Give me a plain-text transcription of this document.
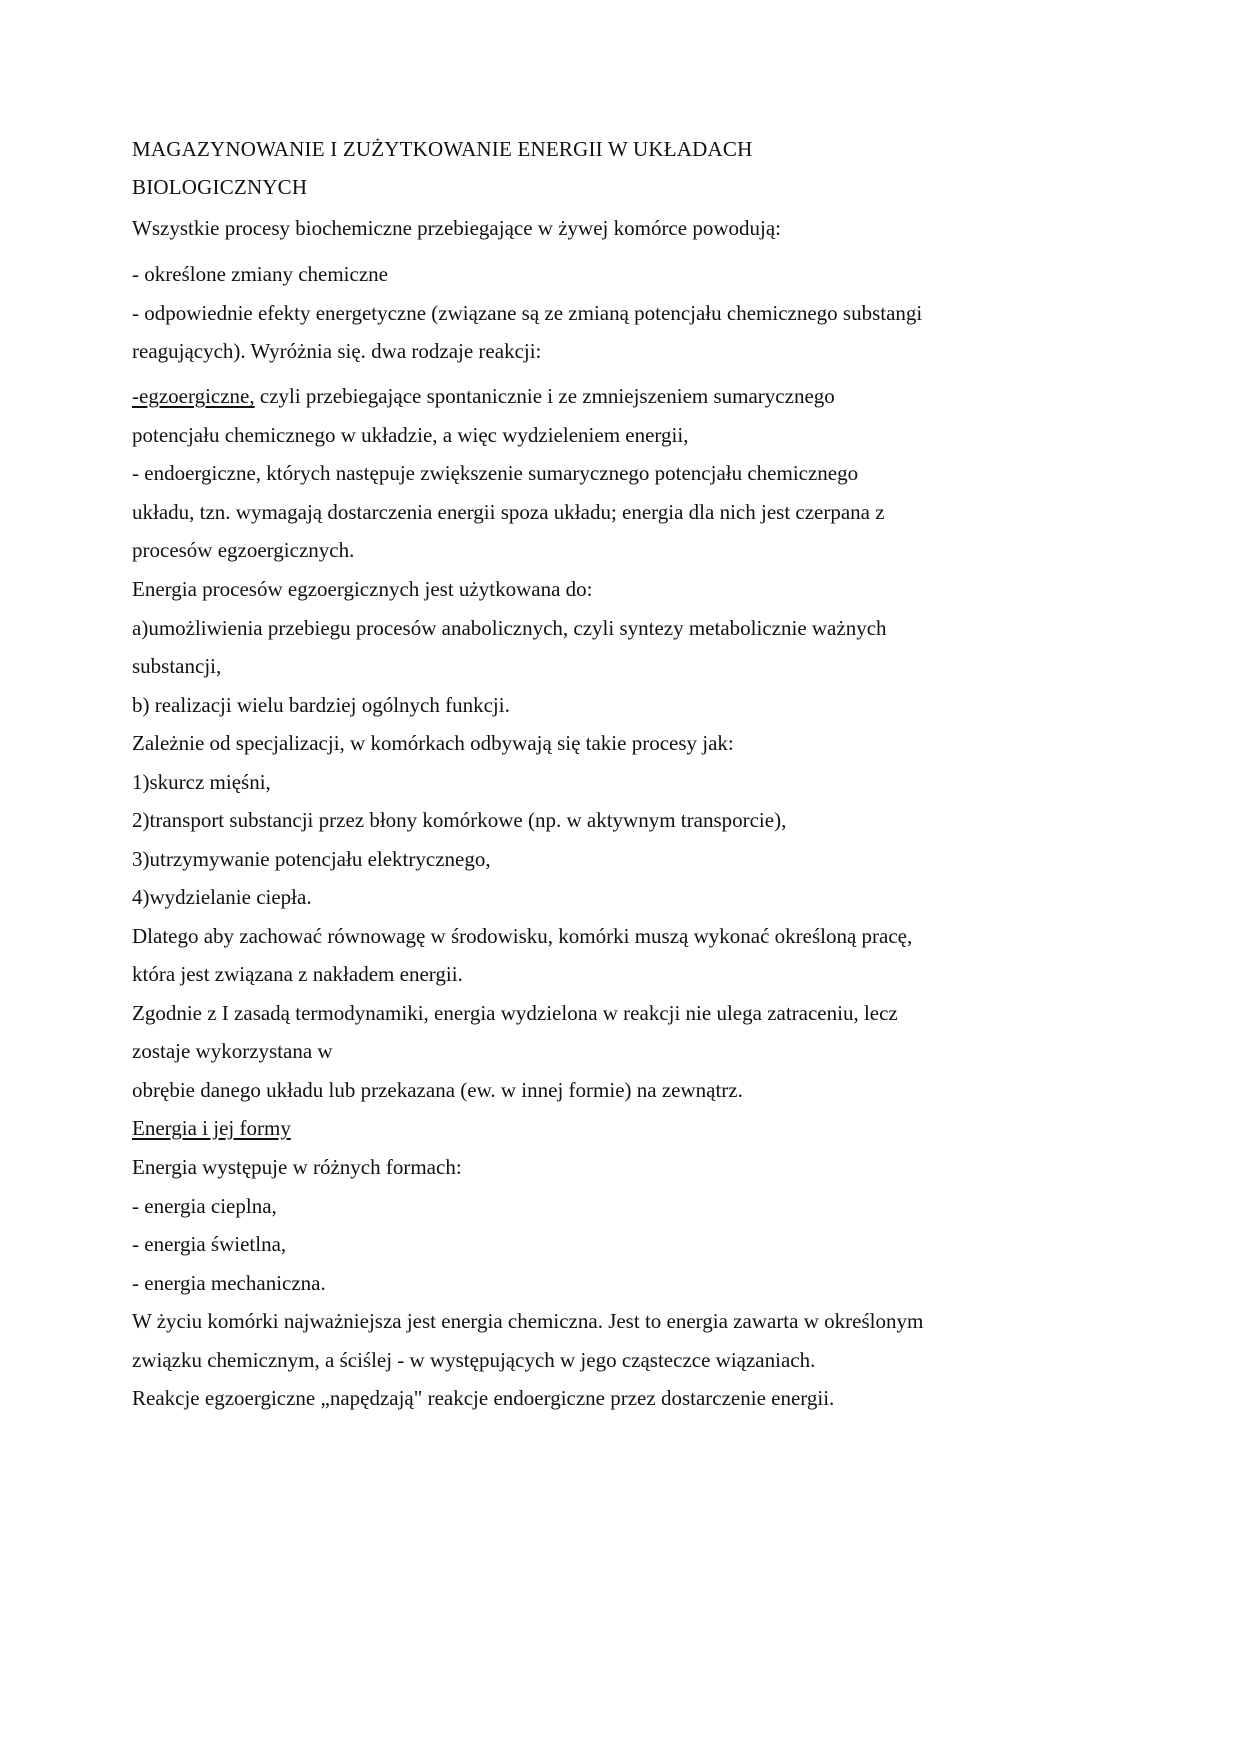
MAGAZYNOWANIE I ZUŻYTKOWANIE ENERGII W UKŁADACH
BIOLOGICZNYCH
Wszystkie procesy biochemiczne przebiegające w żywej komórce powodują:
- określone zmiany chemiczne
- odpowiednie efekty energetyczne (związane są ze zmianą potencjału chemicznego substangi
reagujących). Wyróżnia się. dwa rodzaje reakcji:
-egzoergiczne, czyli przebiegające spontanicznie i ze zmniejszeniem sumarycznego
potencjału chemicznego w układzie, a więc wydzieleniem energii,
- endoergiczne, których następuje zwiększenie sumarycznego potencjału chemicznego
układu, tzn. wymagają dostarczenia energii spoza układu; energia dla nich jest czerpana z
procesów egzoergicznych.
Energia procesów egzoergicznych jest użytkowana do:
a)umożliwienia przebiegu procesów anabolicznych, czyli syntezy metabolicznie ważnych
substancji,
b) realizacji wielu bardziej ogólnych funkcji.
Zależnie od specjalizacji, w komórkach odbywają się takie procesy jak:
1)skurcz mięśni,
2)transport substancji przez błony komórkowe (np. w aktywnym transporcie),
3)utrzymywanie potencjału elektrycznego,
4)wydzielanie ciepła.
Dlatego aby zachować równowagę w środowisku, komórki muszą wykonać określoną pracę,
która jest związana z nakładem energii.
Zgodnie z I zasadą termodynamiki, energia wydzielona w reakcji nie ulega zatraceniu, lecz
zostaje wykorzystana w
obrębie danego układu lub przekazana (ew. w innej formie) na zewnątrz.
Energia i jej formy
Energia występuje w różnych formach:
- energia cieplna,
- energia świetlna,
- energia mechaniczna.
W życiu komórki najważniejsza jest energia chemiczna. Jest to energia zawarta w określonym
związku chemicznym, a ściślej - w występujących w jego cząsteczce wiązaniach.
Reakcje egzoergiczne „napędzają" reakcje endoergiczne przez dostarczenie energii.
